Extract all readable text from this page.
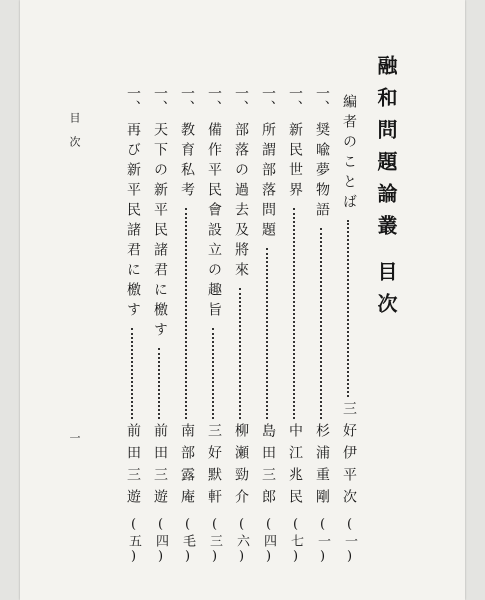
融和問題論叢目次
編者のことば
三好伊平次
(一)
一、
奨喩夢物語
杉浦重剛
(一)
一、
新民世界
中江兆民
(七)
一、
所謂部落問題
島田三郎
(四)
一、
部落の過去及將來
柳瀬勁介
(六)
一、
備作平民會設立の趣旨
三好默軒
(三)
一、
教育私考
南部露庵
(毛)
一、
天下の新平民諸君に檄す
前田三遊
(四)
一、
再び新平民諸君に檄す
前田三遊
(五)
目 次
一
